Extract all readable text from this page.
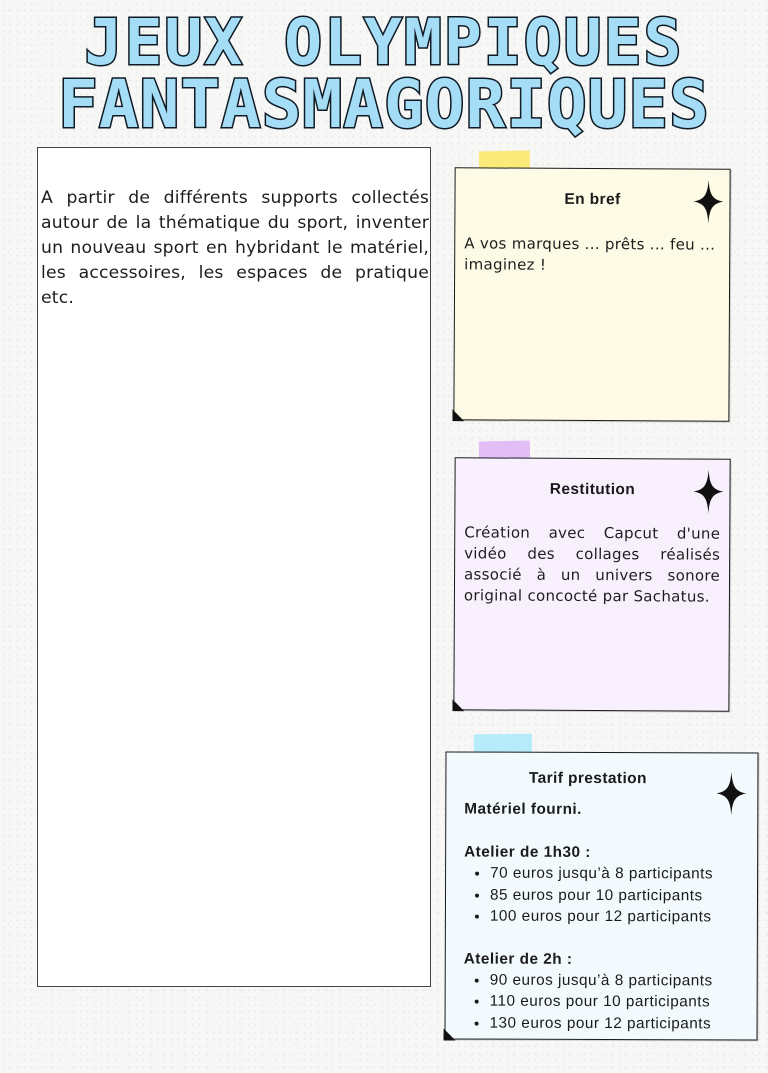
JEUX OLYMPIQUES
FANTASMAGORIQUES

A partir de différents supports collectés autour de la thématique du sport, inventer un nouveau sport en hybridant le matériel, les accessoires, les espaces de pratique etc.

En bref

A vos marques ... prêts ... feu ... imaginez !

Restitution

Création avec Capcut d'une vidéo des collages réalisés associé à un univers sonore original concocté par Sachatus.

Tarif prestation

Matériel fourni.

Atelier de 1h30 :

• 70 euros jusqu’à 8 participants
• 85 euros pour 10 participants
• 100 euros pour 12 participants

Atelier de 2h :

• 90 euros jusqu’à 8 participants
• 110 euros pour 10 participants
• 130 euros pour 12 participants
